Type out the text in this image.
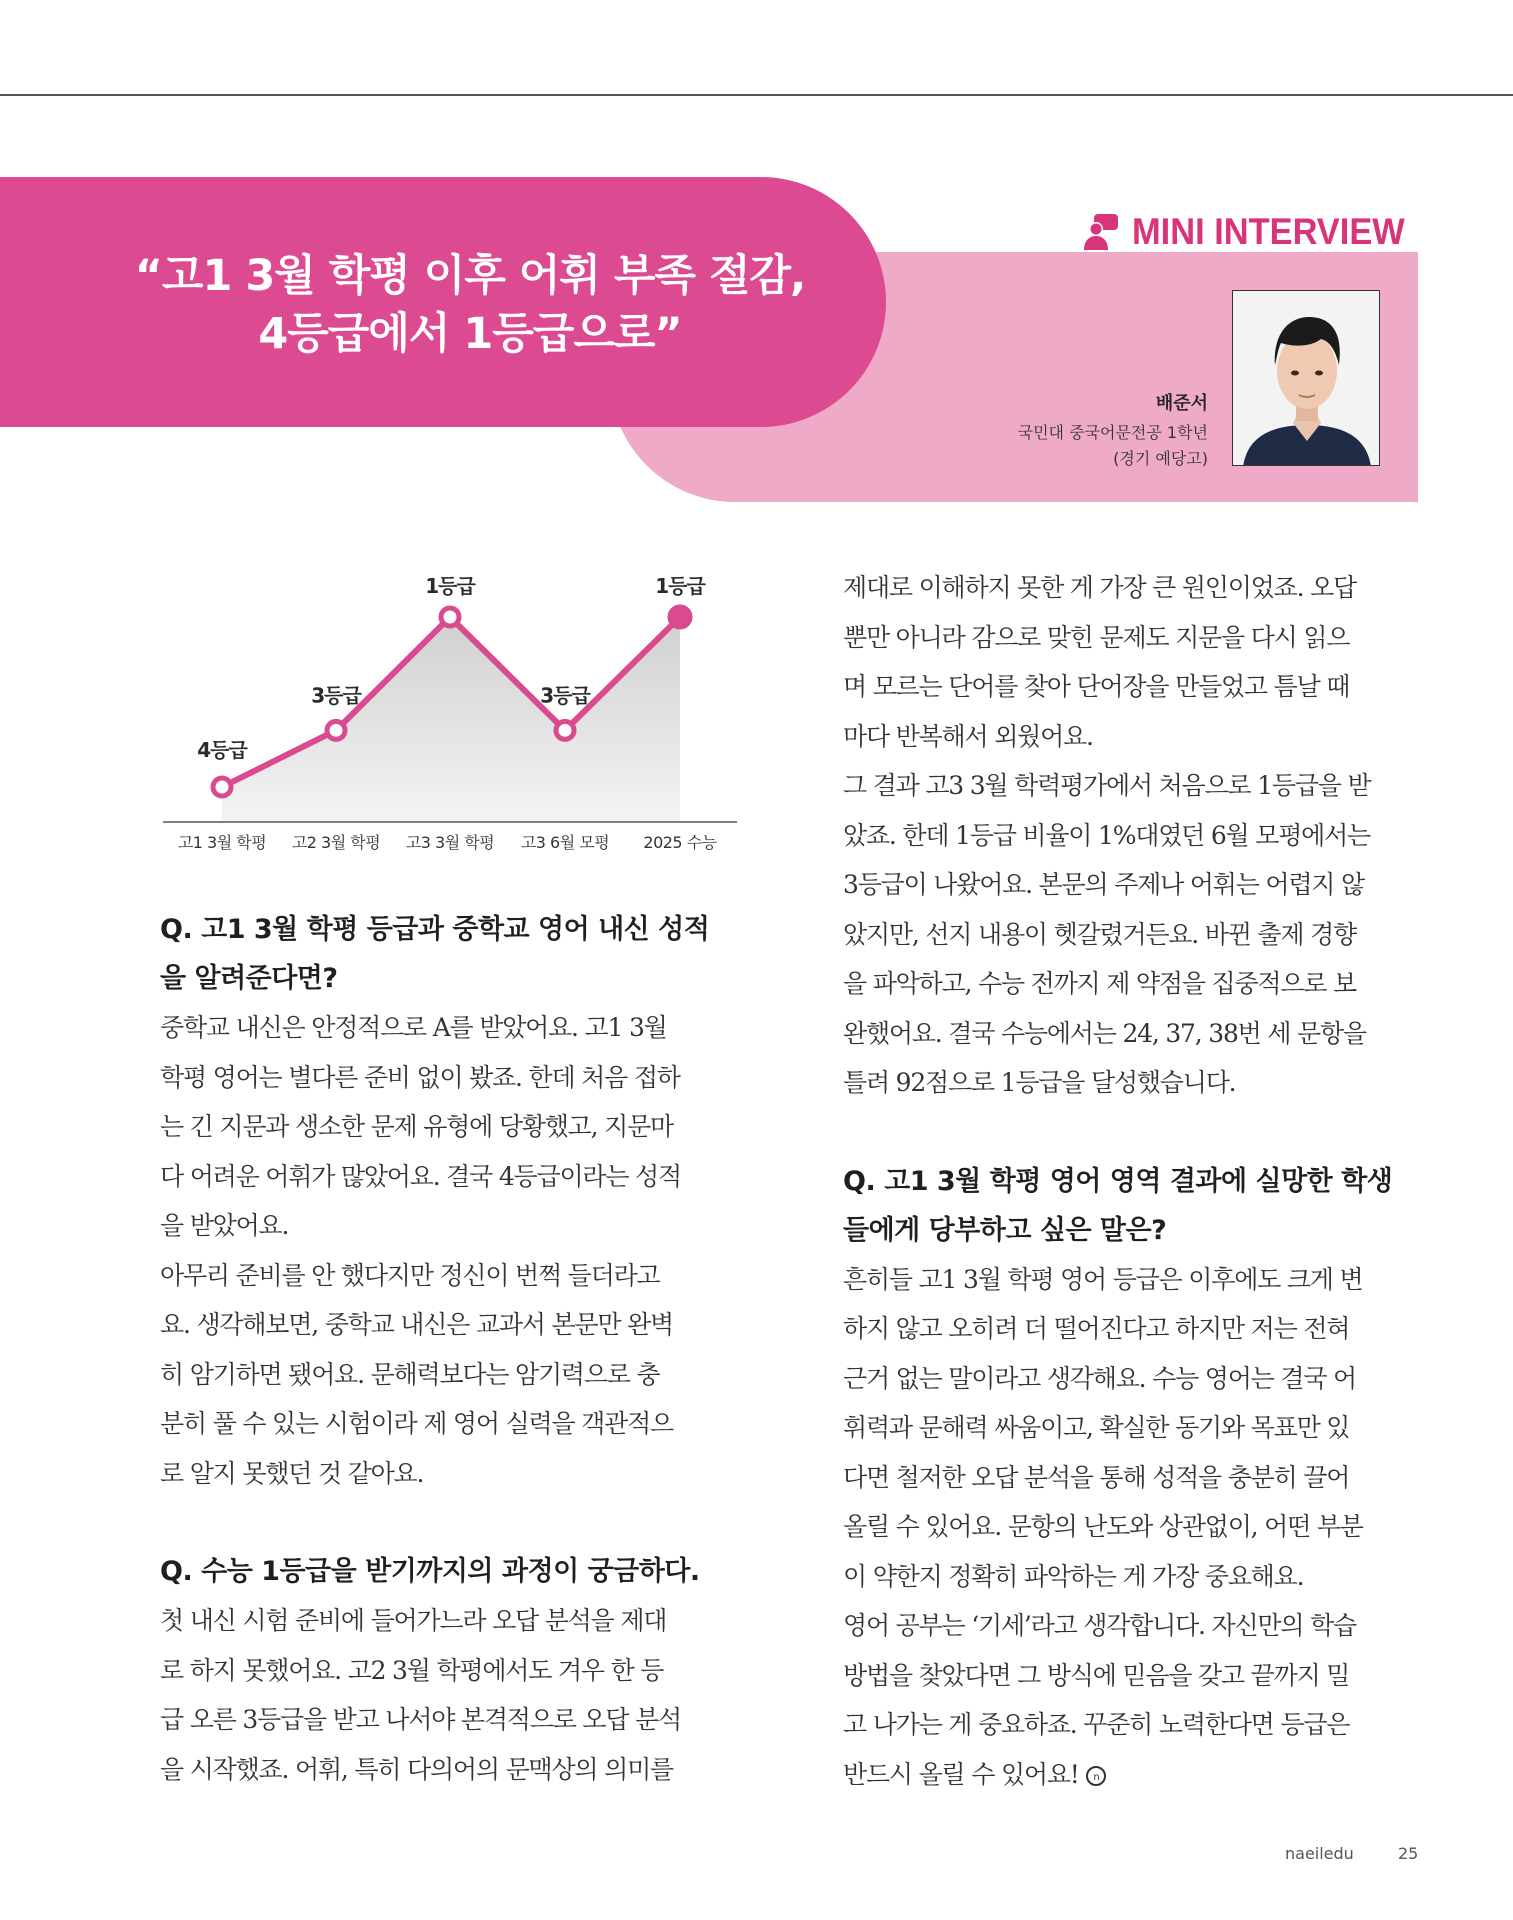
“고1 3월 학평 이후 어휘 부족 절감,
4등급에서 1등급으로”
MINI INTERVIEW
배준서
국민대 중국어문전공 1학년
(경기 예당고)
4등급
3등급
1등급
3등급
1등급
고1 3월 학평 고2 3월 학평 고3 3월 학평 고3 6월 모평 2025 수능
Q. 고1 3월 학평 등급과 중학교 영어 내신 성적
을 알려준다면?
중학교 내신은 안정적으로 A를 받았어요. 고1 3월
학평 영어는 별다른 준비 없이 봤죠. 한데 처음 접하
는 긴 지문과 생소한 문제 유형에 당황했고, 지문마
다 어려운 어휘가 많았어요. 결국 4등급이라는 성적
을 받았어요.
아무리 준비를 안 했다지만 정신이 번쩍 들더라고
요. 생각해보면, 중학교 내신은 교과서 본문만 완벽
히 암기하면 됐어요. 문해력보다는 암기력으로 충
분히 풀 수 있는 시험이라 제 영어 실력을 객관적으
로 알지 못했던 것 같아요.
Q. 수능 1등급을 받기까지의 과정이 궁금하다.
첫 내신 시험 준비에 들어가느라 오답 분석을 제대
로 하지 못했어요. 고2 3월 학평에서도 겨우 한 등
급 오른 3등급을 받고 나서야 본격적으로 오답 분석
을 시작했죠. 어휘, 특히 다의어의 문맥상의 의미를
제대로 이해하지 못한 게 가장 큰 원인이었죠. 오답
뿐만 아니라 감으로 맞힌 문제도 지문을 다시 읽으
며 모르는 단어를 찾아 단어장을 만들었고 틈날 때
마다 반복해서 외웠어요.
그 결과 고3 3월 학력평가에서 처음으로 1등급을 받
았죠. 한데 1등급 비율이 1%대였던 6월 모평에서는
3등급이 나왔어요. 본문의 주제나 어휘는 어렵지 않
았지만, 선지 내용이 헷갈렸거든요. 바뀐 출제 경향
을 파악하고, 수능 전까지 제 약점을 집중적으로 보
완했어요. 결국 수능에서는 24, 37, 38번 세 문항을
틀려 92점으로 1등급을 달성했습니다.
Q. 고1 3월 학평 영어 영역 결과에 실망한 학생
들에게 당부하고 싶은 말은?
흔히들 고1 3월 학평 영어 등급은 이후에도 크게 변
하지 않고 오히려 더 떨어진다고 하지만 저는 전혀
근거 없는 말이라고 생각해요. 수능 영어는 결국 어
휘력과 문해력 싸움이고, 확실한 동기와 목표만 있
다면 철저한 오답 분석을 통해 성적을 충분히 끌어
올릴 수 있어요. 문항의 난도와 상관없이, 어떤 부분
이 약한지 정확히 파악하는 게 가장 중요해요.
영어 공부는 ‘기세’라고 생각합니다. 자신만의 학습
방법을 찾았다면 그 방식에 믿음을 갖고 끝까지 밀
고 나가는 게 중요하죠. 꾸준히 노력한다면 등급은
반드시 올릴 수 있어요! n
naeiledu	25
